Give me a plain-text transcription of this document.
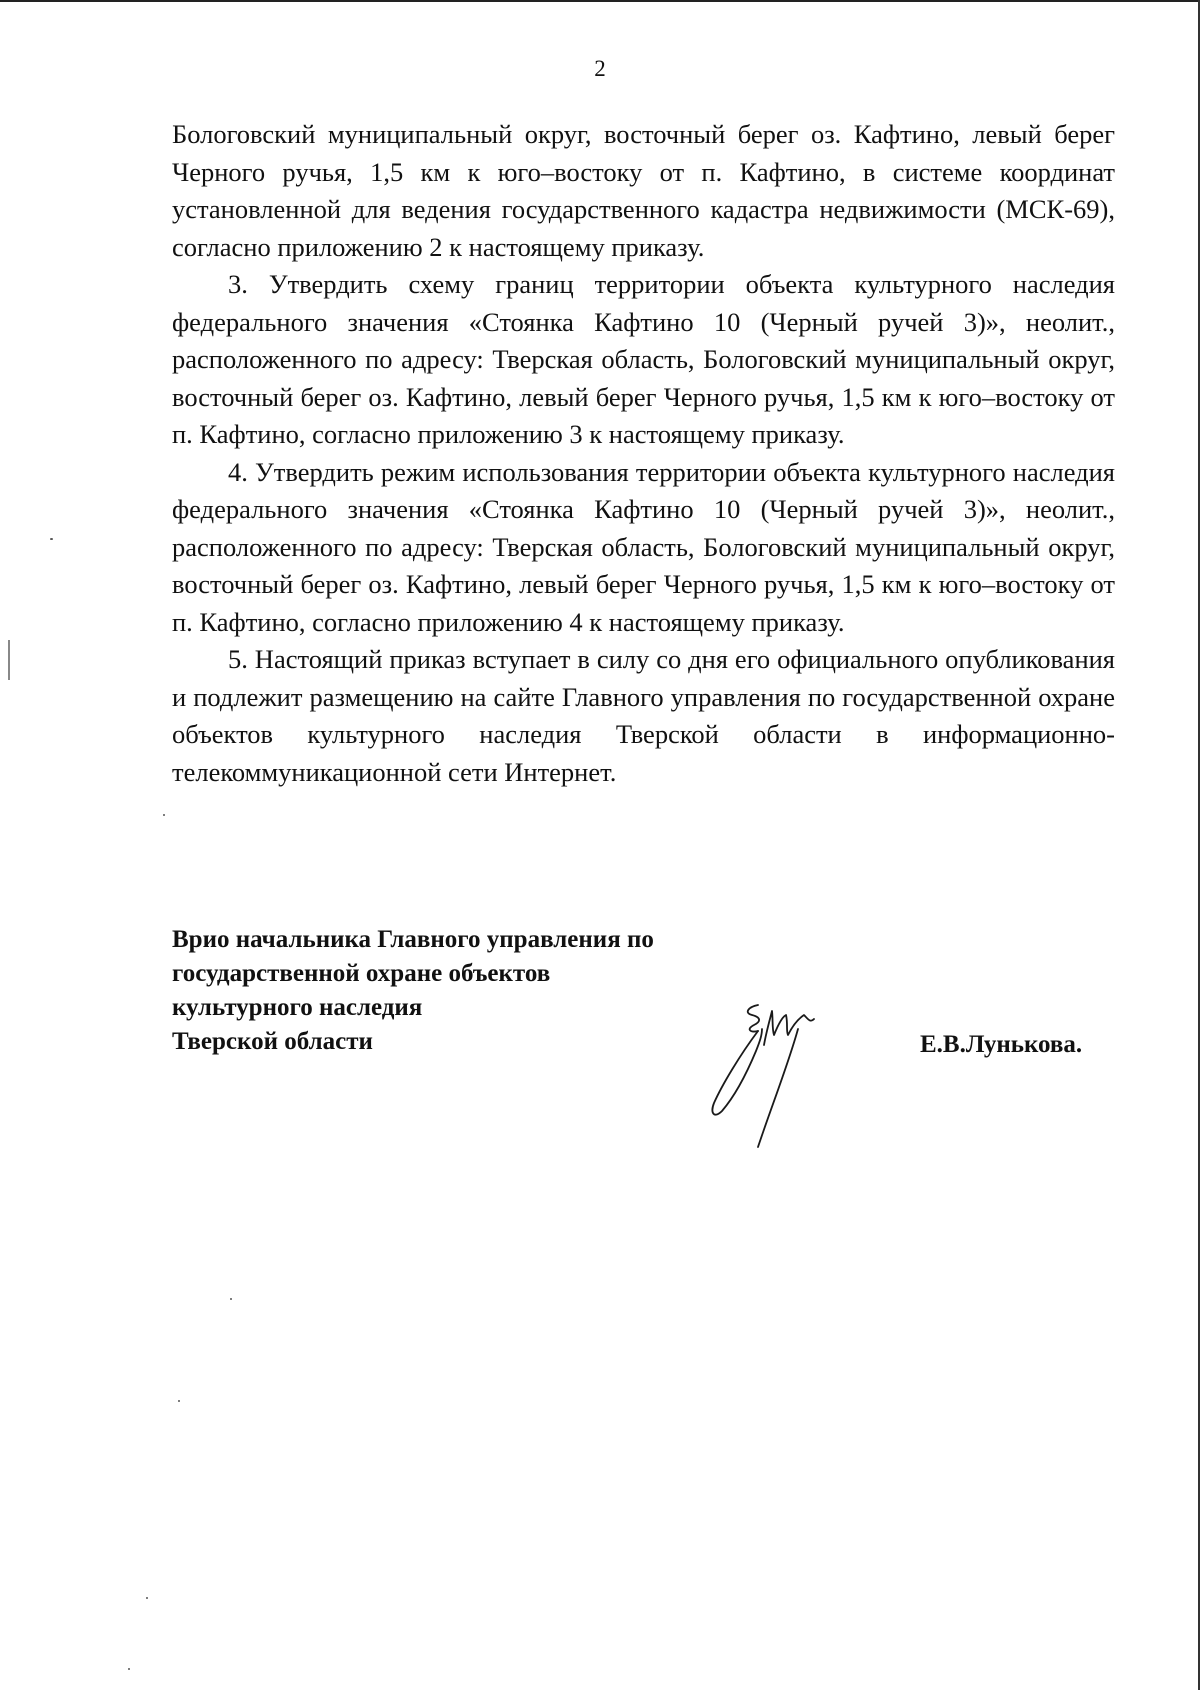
2

Бологовский муниципальный округ, восточный берег оз. Кафтино, левый берег Черного ручья, 1,5 км к юго–востоку от п. Кафтино, в системе координат установленной для ведения государственного кадастра недвижимости (МСК-69), согласно приложению 2 к настоящему приказу.

3. Утвердить схему границ территории объекта культурного наследия федерального значения «Стоянка Кафтино 10 (Черный ручей 3)», неолит., расположенного по адресу: Тверская область, Бологовский муниципальный округ, восточный берег оз. Кафтино, левый берег Черного ручья, 1,5 км к юго–востоку от п. Кафтино, согласно приложению 3 к настоящему приказу.

4. Утвердить режим использования территории объекта культурного наследия федерального значения «Стоянка Кафтино 10 (Черный ручей 3)», неолит., расположенного по адресу: Тверская область, Бологовский муниципальный округ, восточный берег оз. Кафтино, левый берег Черного ручья, 1,5 км к юго–востоку от п. Кафтино, согласно приложению 4 к настоящему приказу.

5. Настоящий приказ вступает в силу со дня его официального опубликования и подлежит размещению на сайте Главного управления по государственной охране объектов культурного наследия Тверской области в информационно-телекоммуникационной сети Интернет.

Врио начальника Главного управления по
государственной охране объектов
культурного наследия
Тверской области	Е.В.Лунькова.
